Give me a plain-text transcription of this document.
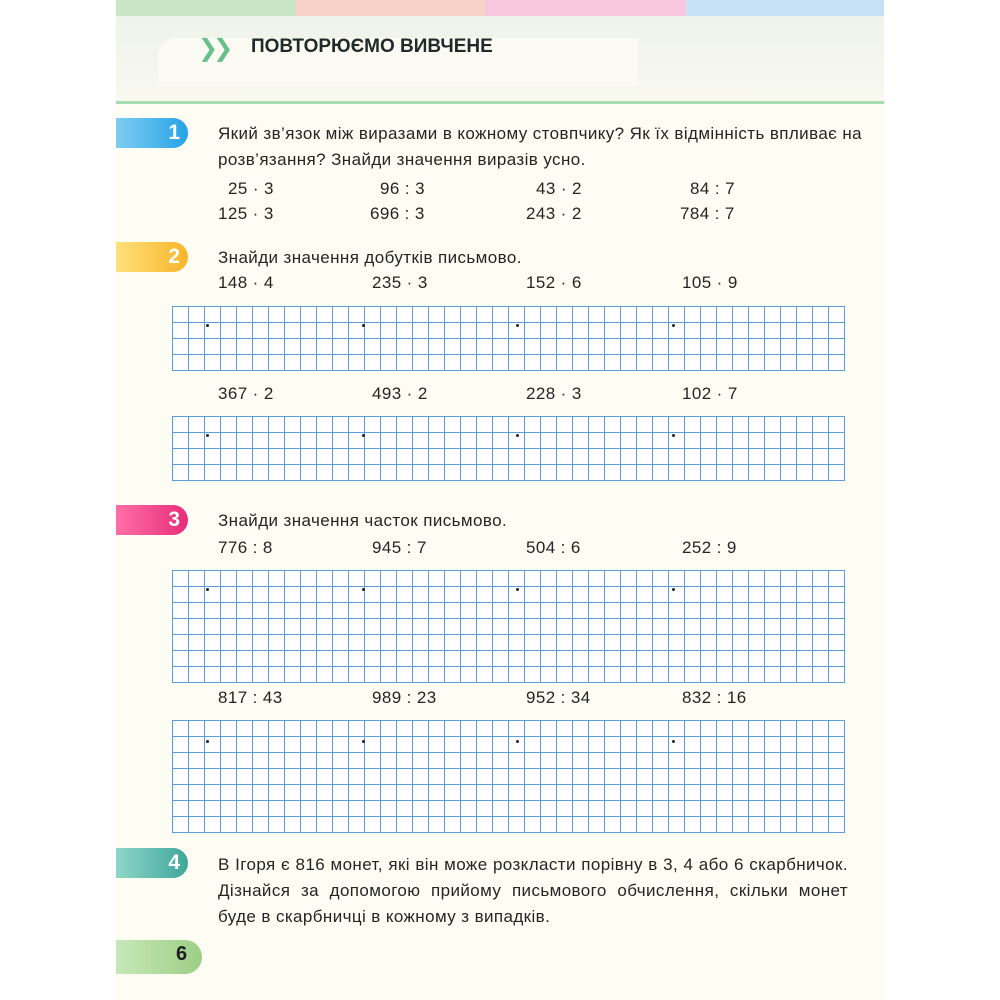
❯❯ ПОВТОРЮЄМО ВИВЧЕНЕ
1	Який зв’язок між виразами в кожному стовпчику? Як їх відмінність впливає на розв’язання? Знайди значення виразів усно.
25 · 3	96 : 3	43 · 2	84 : 7
125 · 3	696 : 3	243 · 2	784 : 7
2	Знайди значення добутків письмово.
148 · 4	235 · 3	152 · 6	105 · 9
367 · 2	493 · 2	228 · 3	102 · 7
3	Знайди значення часток письмово.
776 : 8	945 : 7	504 : 6	252 : 9
817 : 43	989 : 23	952 : 34	832 : 16
4	В Ігоря є 816 монет, які він може розкласти порівну в 3, 4 або 6 скарбничок. Дізнайся за допомогою прийому письмового обчислення, скільки монет буде в скарбничці в кожному з випадків.
6
